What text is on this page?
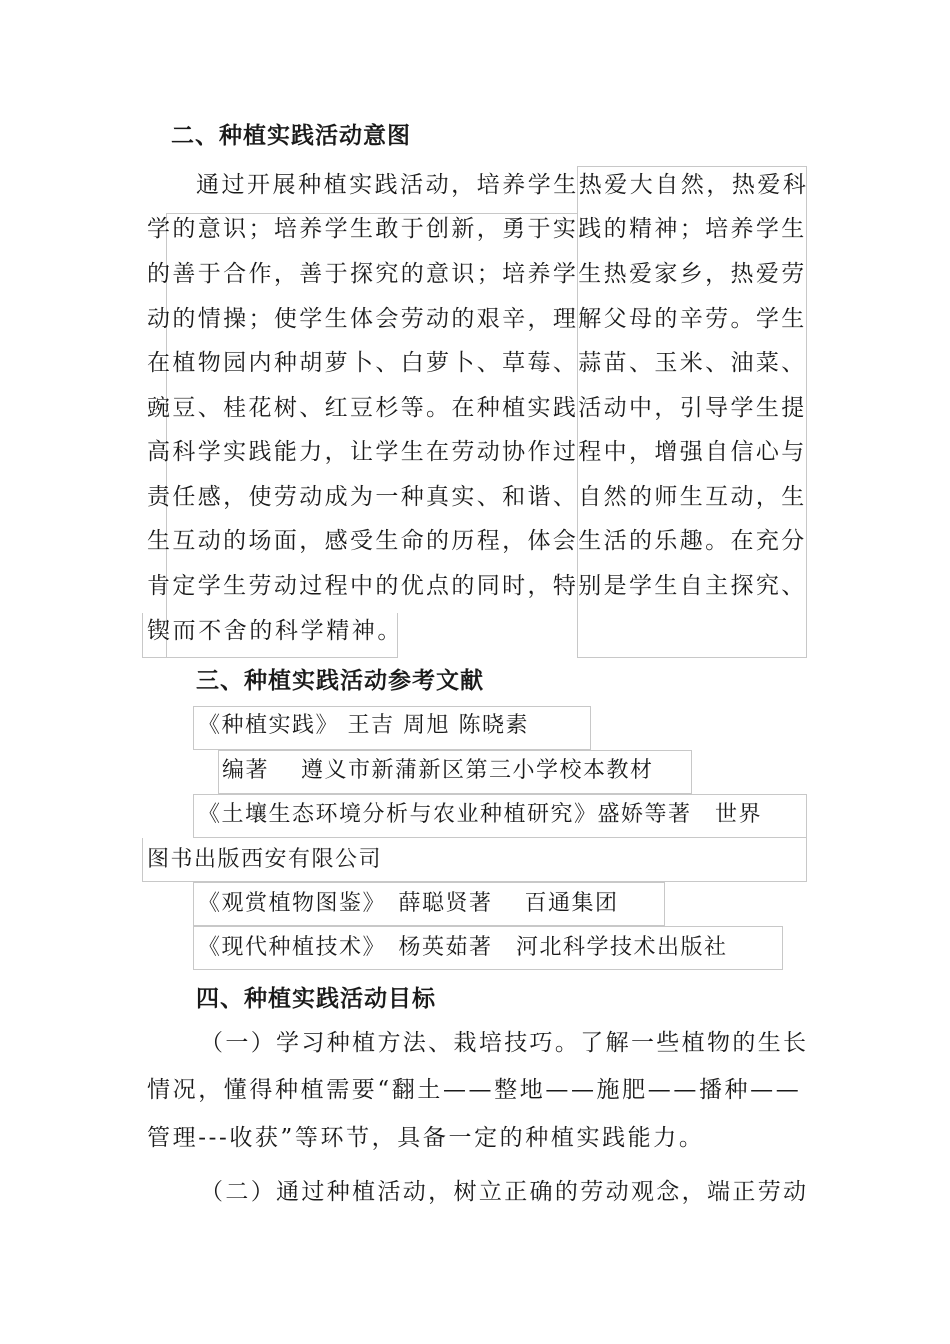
二、种植实践活动意图
通过开展种植实践活动，培养学生热爱大自然，热爱科
学的意识；培养学生敢于创新，勇于实践的精神；培养学生
的善于合作，善于探究的意识；培养学生热爱家乡，热爱劳
动的情操；使学生体会劳动的艰辛，理解父母的辛劳。学生
在植物园内种胡萝卜、白萝卜、草莓、蒜苗、玉米、油菜、
豌豆、桂花树、红豆杉等。在种植实践活动中，引导学生提
高科学实践能力，让学生在劳动协作过程中，增强自信心与
责任感，使劳动成为一种真实、和谐、自然的师生互动，生
生互动的场面，感受生命的历程，体会生活的乐趣。在充分
肯定学生劳动过程中的优点的同时，特别是学生自主探究、
锲而不舍的科学精神。
三、种植实践活动参考文献
《种植实践》 王吉 周旭 陈晓素
编著　 遵义市新蒲新区第三小学校本教材
《土壤生态环境分析与农业种植研究》盛娇等著　世界
图书出版西安有限公司
《观赏植物图鉴》　薛聪贤著　 百通集团
《现代种植技术》　杨英茹著　河北科学技术出版社
四、种植实践活动目标
（一）学习种植方法、栽培技巧。了解一些植物的生长
情况，懂得种植需要“翻土——整地——施肥——播种——
管理---收获”等环节，具备一定的种植实践能力。
（二）通过种植活动，树立正确的劳动观念，端正劳动
